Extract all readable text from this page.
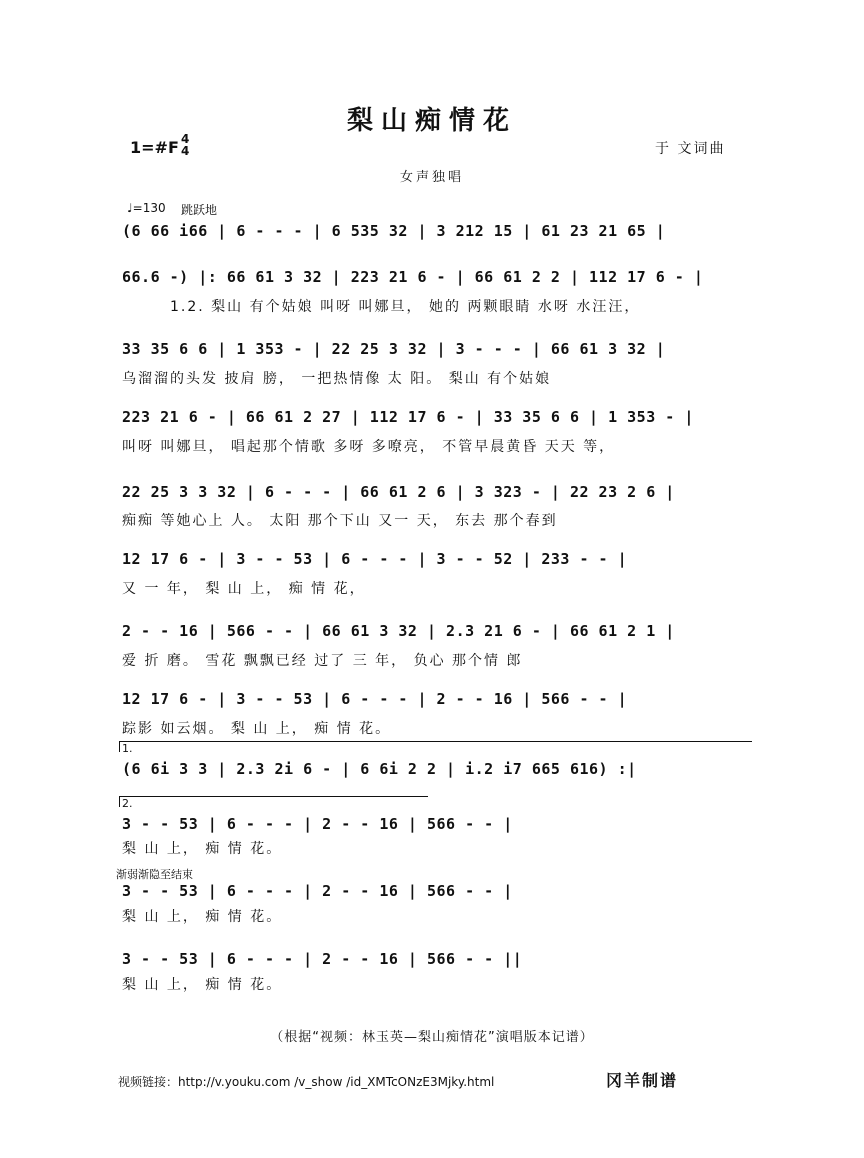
梨山痴情花
1=#F 4
4	于 文词曲
女声独唱
♩=130 跳跃地
(6 66 i66 | 6 - - - | 6 535 32 | 3 212 15 | 61 23 21 65 |
66.6 -) |: 66 61 3 32 | 223 21 6 - | 66 61 2 2 | 112 17 6 - |
1.2. 梨山 有个姑娘 叫呀 叫娜旦， 她的 两颗眼睛 水呀 水汪汪，
33 35 6 6 | 1 353 - | 22 25 3 32 | 3 - - - | 66 61 3 32 |
乌溜溜的头发 披肩 膀， 一把热情像 太 阳。 梨山 有个姑娘
223 21 6 - | 66 61 2 27 | 112 17 6 - | 33 35 6 6 | 1 353 - |
叫呀 叫娜旦， 唱起那个情歌 多呀 多嘹亮， 不管早晨黄昏 天天 等，
22 25 3 3 32 | 6 - - - | 66 61 2 6 | 3 323 - | 22 23 2 6 |
痴痴 等她心上 人。 太阳 那个下山 又一 天， 东去 那个春到
12 17 6 - | 3 - - 53 | 6 - - - | 3 - - 52 | 233 - - |
又 一 年， 梨 山 上， 痴 情 花，
2 - - 16 | 566 - - | 66 61 3 32 | 2.3 21 6 - | 66 61 2 1 |
爱 折 磨。 雪花 飘飘已经 过了 三 年， 负心 那个情 郎
12 17 6 - | 3 - - 53 | 6 - - - | 2 - - 16 | 566 - - |
踪影 如云烟。 梨 山 上， 痴 情 花。
1.
(6 6i 3 3 | 2.3 2i 6 - | 6 6i 2 2 | i.2 i7 665 616) :|
2.
3 - - 53 | 6 - - - | 2 - - 16 | 566 - - |
梨 山 上， 痴 情 花。
渐弱渐隐至结束
3 - - 53 | 6 - - - | 2 - - 16 | 566 - - |
梨 山 上， 痴 情 花。
3 - - 53 | 6 - - - | 2 - - 16 | 566 - - ||
梨 山 上， 痴 情 花。
（根据“视频：林玉英—梨山痴情花”演唱版本记谱）
视频链接：http://v.youku.com /v_show /id_XMTcONzE3Mjky.html	冈羊制谱
